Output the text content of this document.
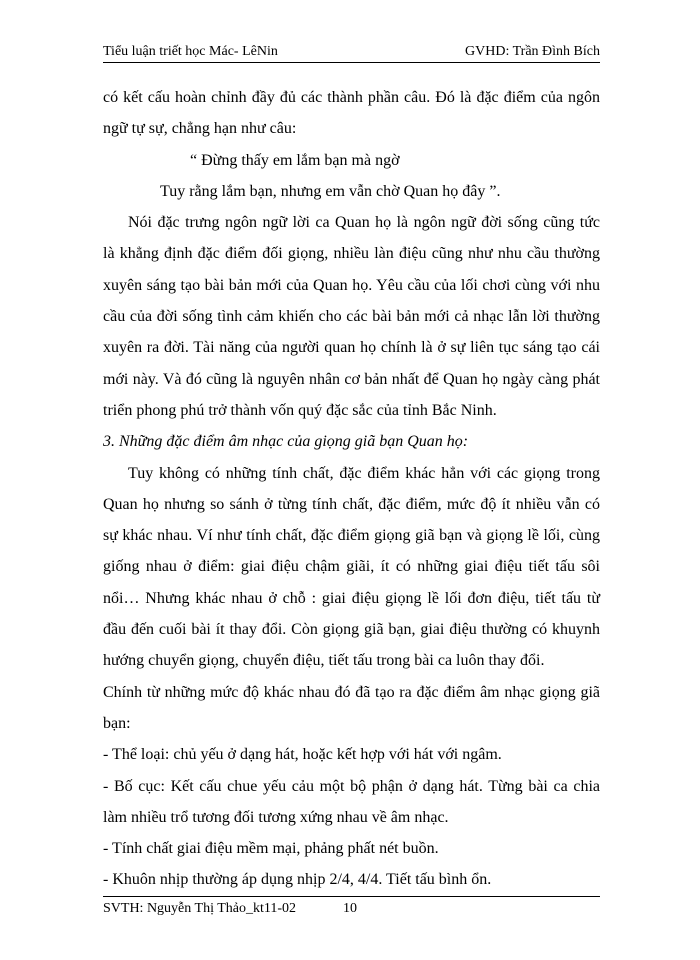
Tiểu luận triết học Mác- LêNin	GVHD: Trần Đình Bích
có kết cấu hoàn chỉnh đầy đủ các thành phần câu. Đó là đặc điểm của ngôn
ngữ tự sự, chẳng hạn như câu:
“ Đừng thấy em lắm bạn mà ngờ
Tuy rằng lắm bạn, nhưng em vẫn chờ Quan họ đây ”.
Nói đặc trưng ngôn ngữ lời ca Quan họ là ngôn ngữ đời sống cũng tức
là khẳng định đặc điểm đối giọng, nhiều làn điệu cũng như nhu cầu thường
xuyên sáng tạo bài bản mới của Quan họ. Yêu cầu của lối chơi cùng với nhu
cầu của đời sống tình cảm khiến cho các bài bản mới cả nhạc lẫn lời thường
xuyên ra đời. Tài năng của người quan họ chính là ở sự liên tục sáng tạo cái
mới này. Và đó cũng là nguyên nhân cơ bản nhất để Quan họ ngày càng phát
triển phong phú trở thành vốn quý đặc sắc của tỉnh Bắc Ninh.
3. Những đặc điểm âm nhạc của giọng giã bạn Quan họ:
Tuy không có những tính chất, đặc điểm khác hẳn với các giọng trong
Quan họ nhưng so sánh ở từng tính chất, đặc điểm, mức độ ít nhiều vẫn có
sự khác nhau. Ví như tính chất, đặc điểm giọng giã bạn và giọng lề lối, cùng
giống nhau ở điểm: giai điệu chậm giãi, ít có những giai điệu tiết tấu sôi
nổi… Nhưng khác nhau ở chỗ : giai điệu giọng lề lối đơn điệu, tiết tấu từ
đầu đến cuối bài ít thay đổi. Còn giọng giã bạn, giai điệu thường có khuynh
hướng chuyển giọng, chuyển điệu, tiết tấu trong bài ca luôn thay đổi.
Chính từ những mức độ khác nhau đó đã tạo ra đặc điểm âm nhạc giọng giã
bạn:
- Thể loại: chủ yếu ở dạng hát, hoặc kết hợp với hát với ngâm.
- Bố cục: Kết cấu chue yếu cảu một bộ phận ở dạng hát. Từng bài ca chia
làm nhiều trổ tương đối tương xứng nhau về âm nhạc.
- Tính chất giai điệu mềm mại, phảng phất nét buồn.
- Khuôn nhịp thường áp dụng nhịp 2/4, 4/4. Tiết tấu bình ổn.
SVTH: Nguyễn Thị Thảo_kt11-02	10
